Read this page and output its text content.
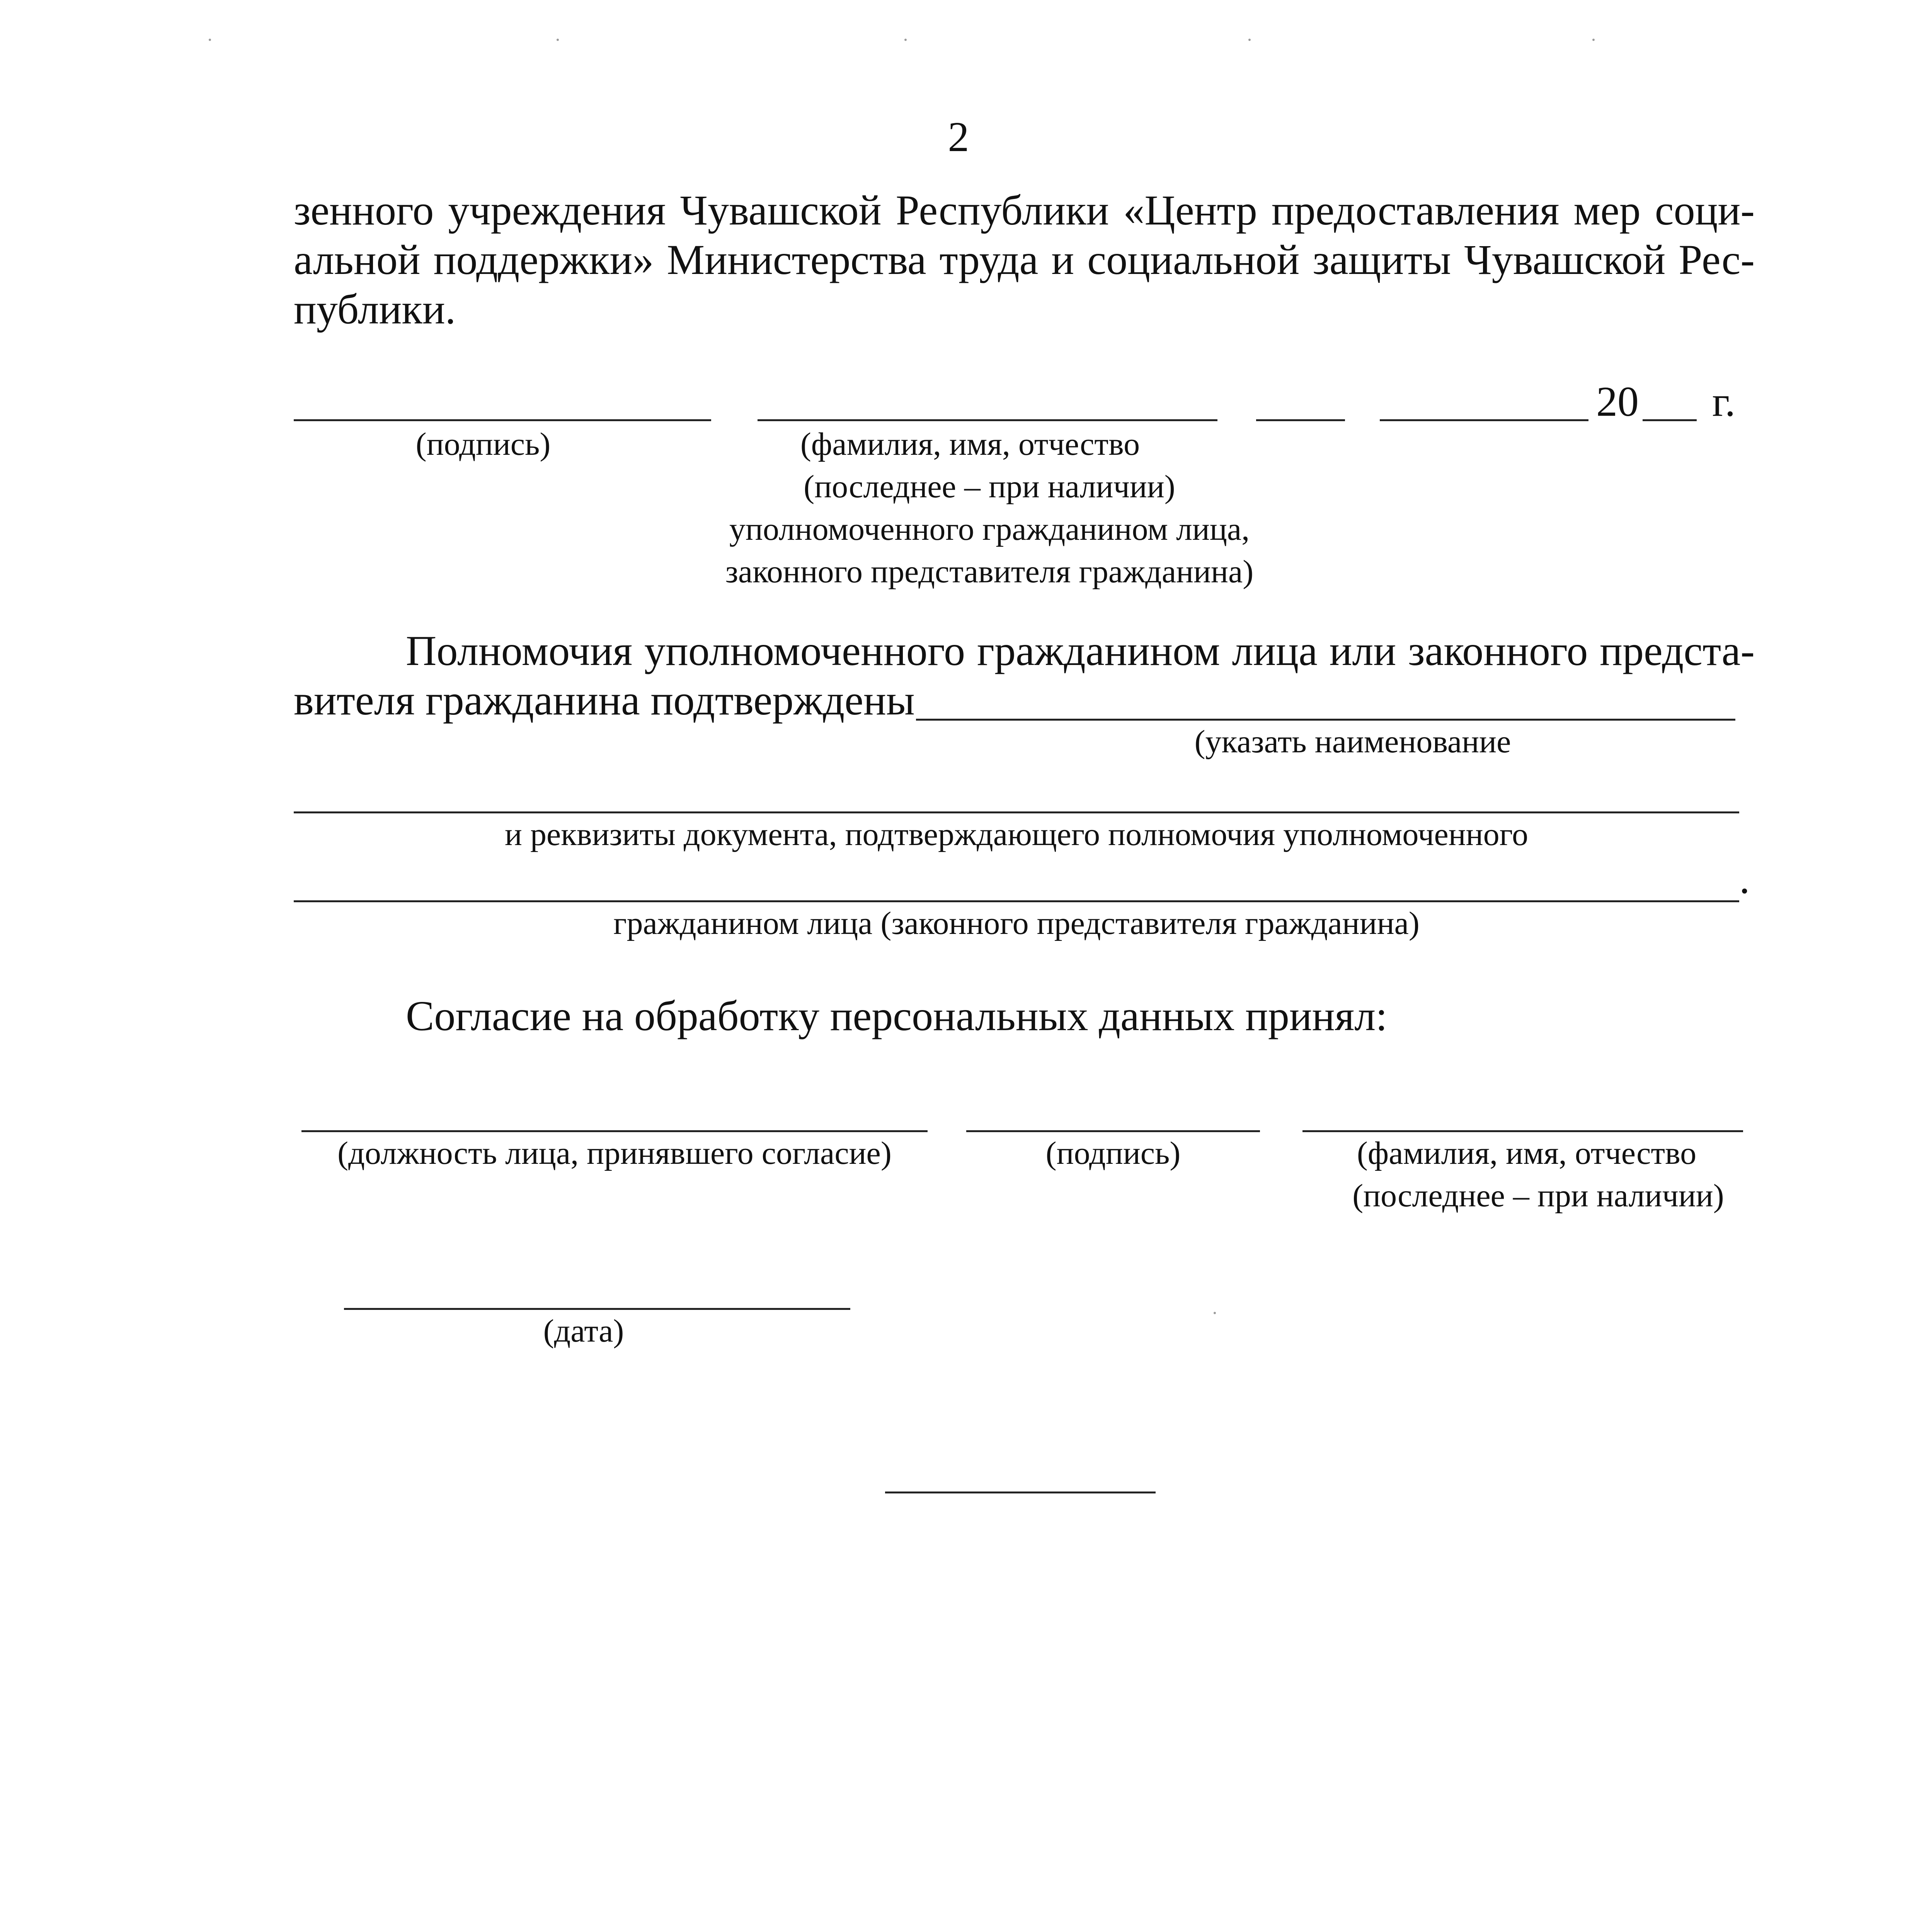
2
зенного учреждения Чувашской Республики «Центр предоставления мер соци-
альной поддержки» Министерства труда и социальной защиты Чувашской Рес-
публики.
20 г.
(подпись)	(фамилия, имя, отчество
(последнее – при наличии)
уполномоченного гражданином лица,
законного представителя гражданина)
Полномочия уполномоченного гражданином лица или законного предста-
вителя гражданина подтверждены
(указать наименование
и реквизиты документа, подтверждающего полномочия уполномоченного
.
гражданином лица (законного представителя гражданина)
Согласие на обработку персональных данных принял:
(должность лица, принявшего согласие)	(подпись)	(фамилия, имя, отчество
(последнее – при наличии)
(дата)
